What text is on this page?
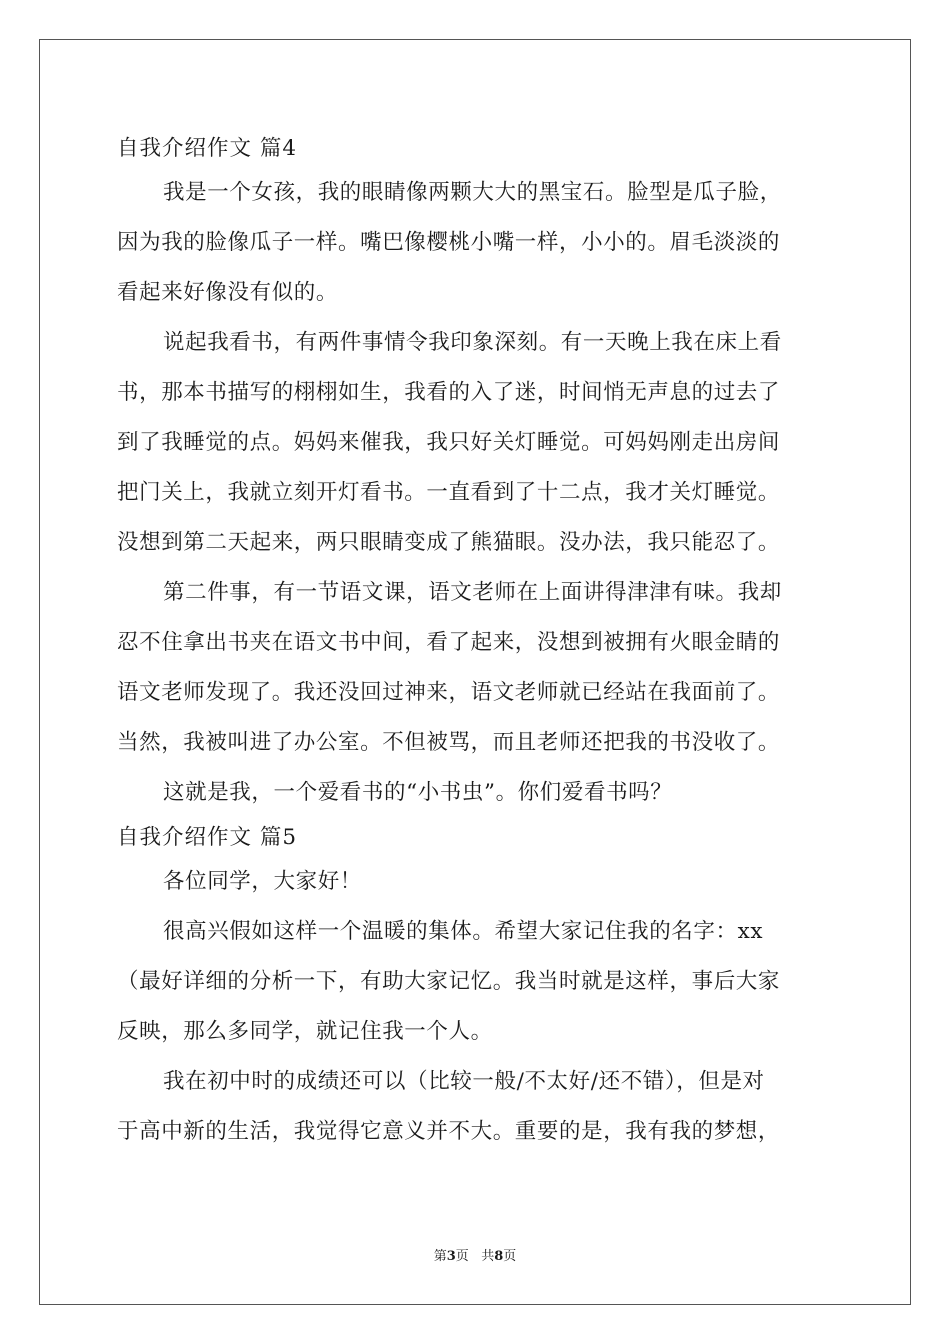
自我介绍作文 篇4
我是一个女孩，我的眼睛像两颗大大的黑宝石。脸型是瓜子脸，
因为我的脸像瓜子一样。嘴巴像樱桃小嘴一样，小小的。眉毛淡淡的
看起来好像没有似的。
说起我看书，有两件事情令我印象深刻。有一天晚上我在床上看
书，那本书描写的栩栩如生，我看的入了迷，时间悄无声息的过去了
到了我睡觉的点。妈妈来催我，我只好关灯睡觉。可妈妈刚走出房间
把门关上，我就立刻开灯看书。一直看到了十二点，我才关灯睡觉。
没想到第二天起来，两只眼睛变成了熊猫眼。没办法，我只能忍了。
第二件事，有一节语文课，语文老师在上面讲得津津有味。我却
忍不住拿出书夹在语文书中间，看了起来，没想到被拥有火眼金睛的
语文老师发现了。我还没回过神来，语文老师就已经站在我面前了。
当然，我被叫进了办公室。不但被骂，而且老师还把我的书没收了。
这就是我，一个爱看书的“小书虫”。你们爱看书吗？
自我介绍作文 篇5
各位同学，大家好！
很高兴假如这样一个温暖的集体。希望大家记住我的名字：xx
（最好详细的分析一下，有助大家记忆。我当时就是这样，事后大家
反映，那么多同学，就记住我一个人。
我在初中时的成绩还可以（比较一般/不太好/还不错），但是对
于高中新的生活，我觉得它意义并不大。重要的是，我有我的梦想，
第3页   共8页
